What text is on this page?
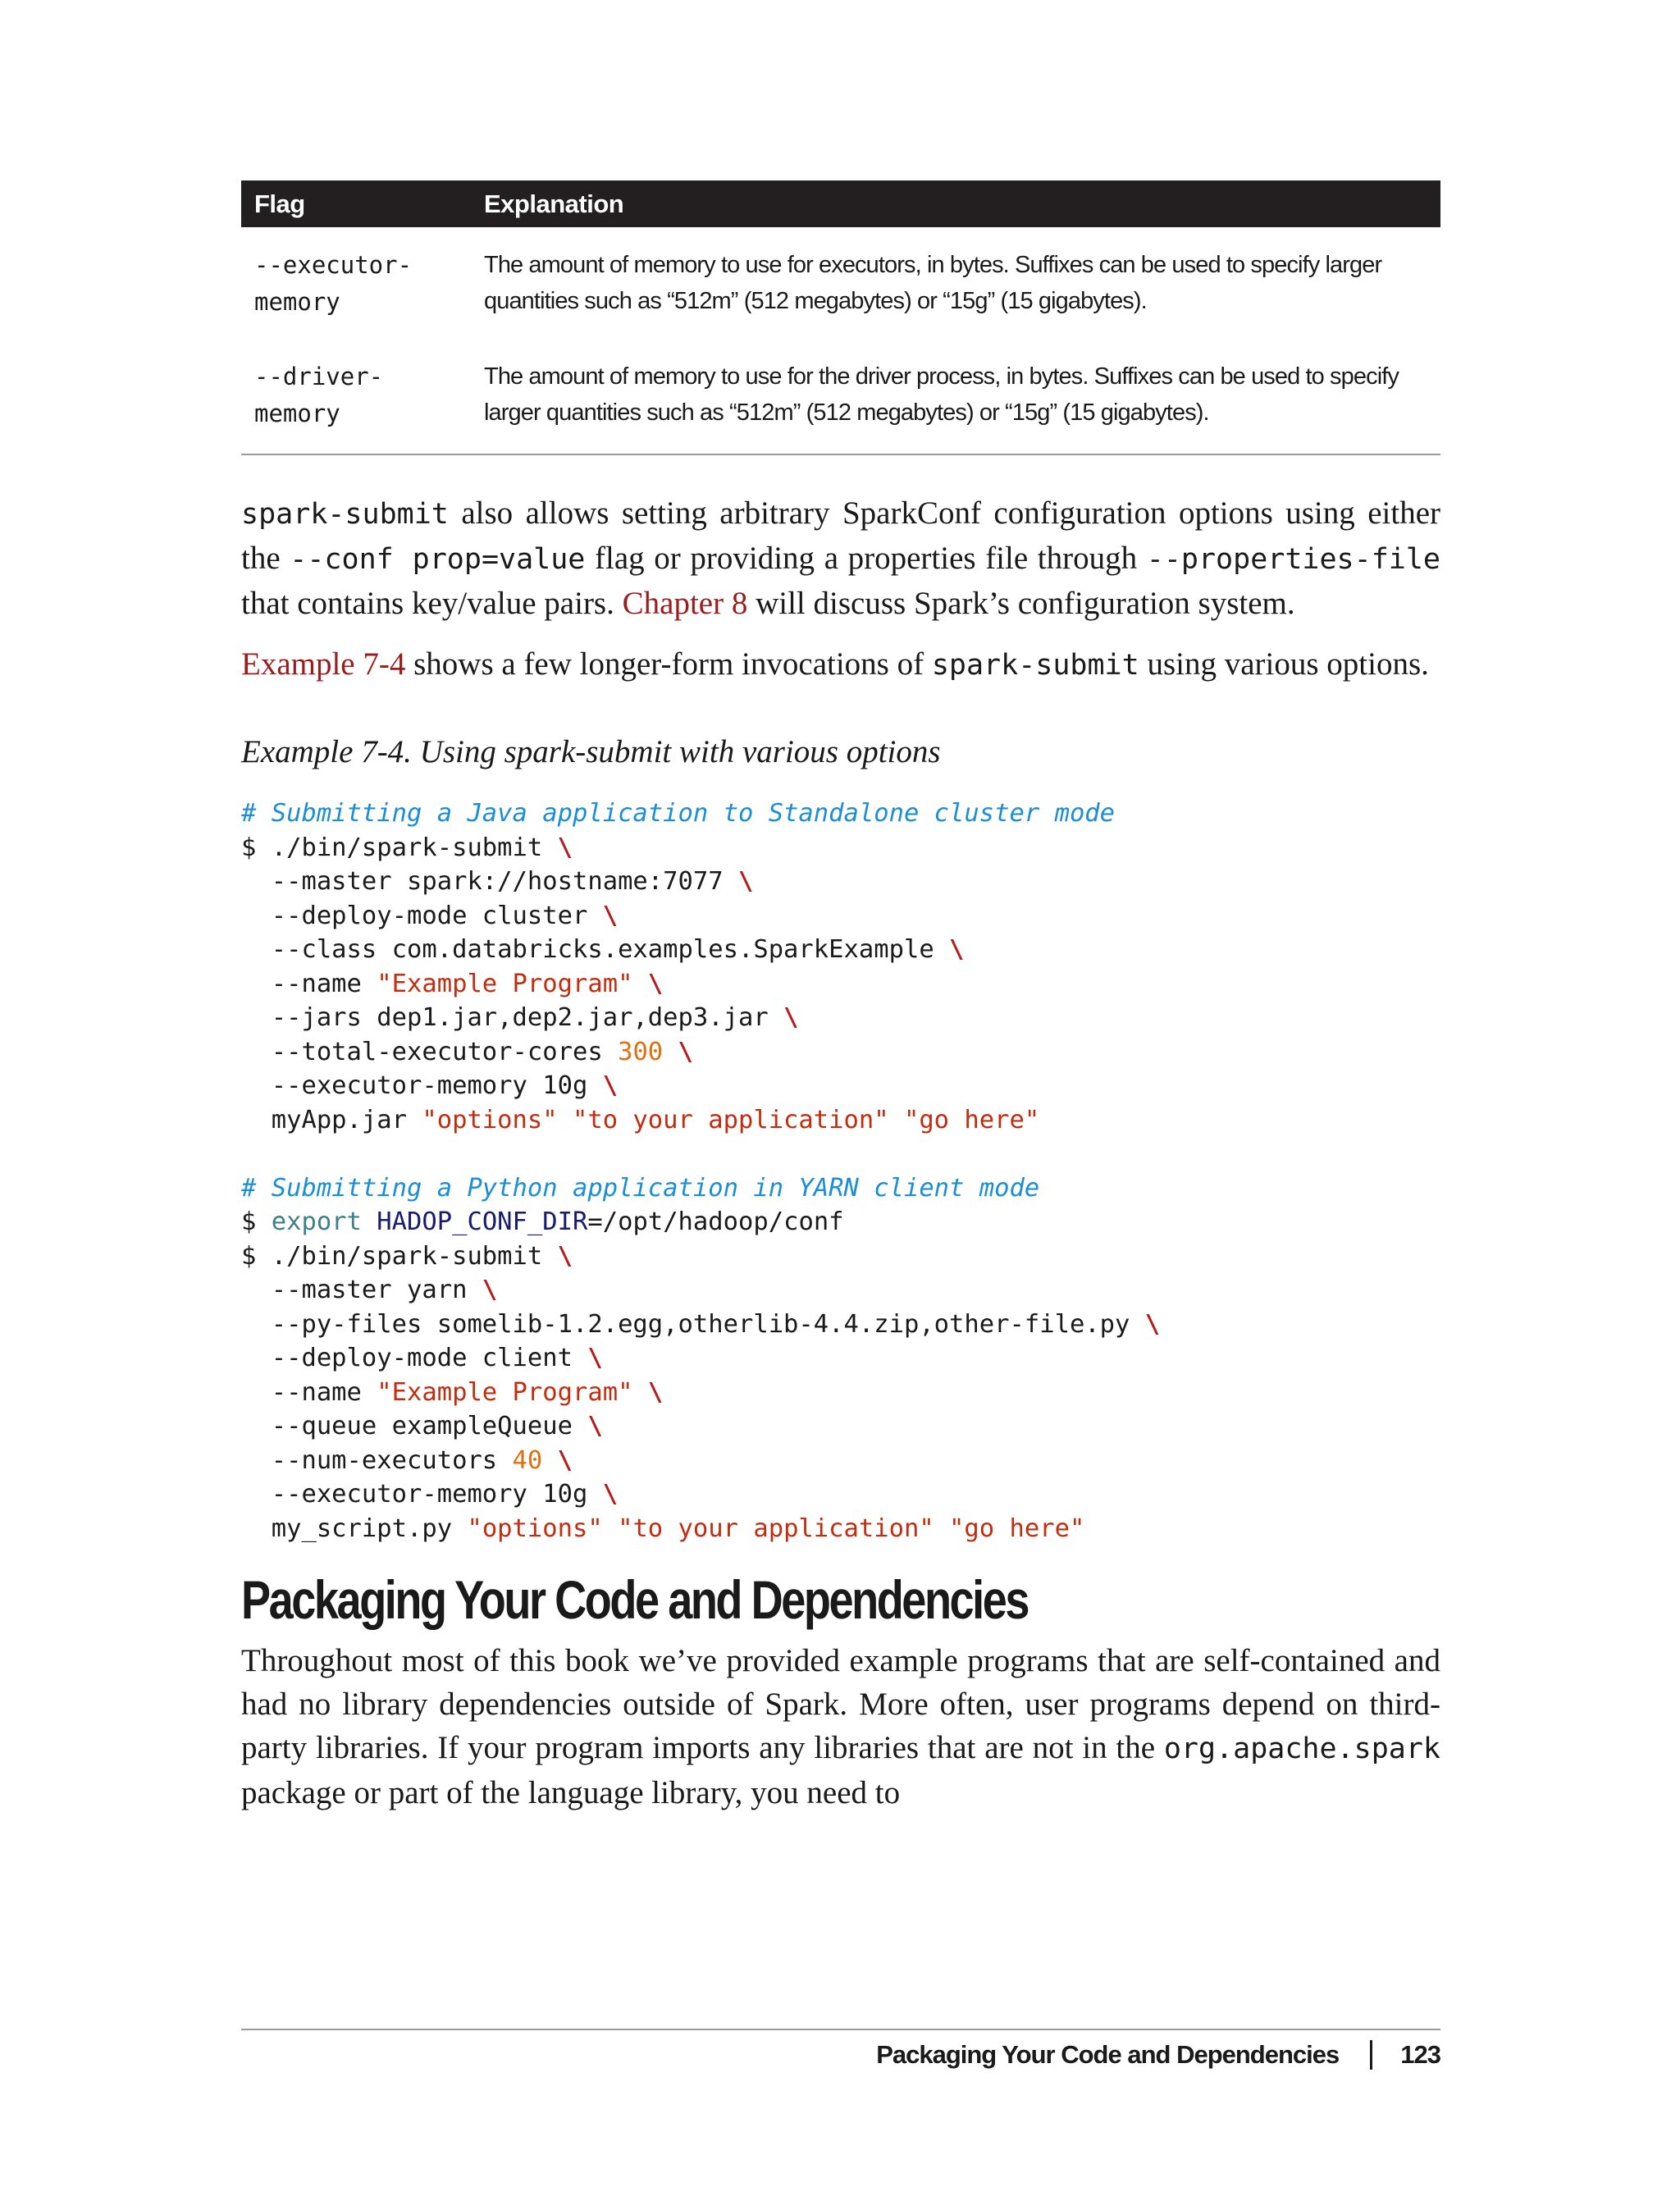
Flag	Explanation
--executor-
memory	The amount of memory to use for executors, in bytes. Suffixes can be used to specify larger quantities such as “512m” (512 megabytes) or “15g” (15 gigabytes).
--driver-
memory	The amount of memory to use for the driver process, in bytes. Suffixes can be used to specify larger quantities such as “512m” (512 megabytes) or “15g” (15 gigabytes).

spark-submit also allows setting arbitrary SparkConf configuration options using either the --conf prop=value flag or providing a properties file through --properties-file that contains key/value pairs. Chapter 8 will discuss Spark’s configuration system.

Example 7-4 shows a few longer-form invocations of spark-submit using various options.

Example 7-4. Using spark-submit with various options
# Submitting a Java application to Standalone cluster mode
$ ./bin/spark-submit \
--master spark://hostname:7077 \
--deploy-mode cluster \
--class com.databricks.examples.SparkExample \
--name "Example Program" \
--jars dep1.jar,dep2.jar,dep3.jar \
--total-executor-cores 300 \
--executor-memory 10g \
myApp.jar "options" "to your application" "go here"

# Submitting a Python application in YARN client mode
$ export HADOP_CONF_DIR=/opt/hadoop/conf
$ ./bin/spark-submit \
--master yarn \
--py-files somelib-1.2.egg,otherlib-4.4.zip,other-file.py \
--deploy-mode client \
--name "Example Program" \
--queue exampleQueue \
--num-executors 40 \
--executor-memory 10g \
my_script.py "options" "to your application" "go here"
Packaging Your Code and Dependencies

Throughout most of this book we’ve provided example programs that are self-contained and had no library dependencies outside of Spark. More often, user programs depend on third-party libraries. If your program imports any libraries that are not in the org.apache.spark package or part of the language library, you need to

Packaging Your Code and Dependencies 123
